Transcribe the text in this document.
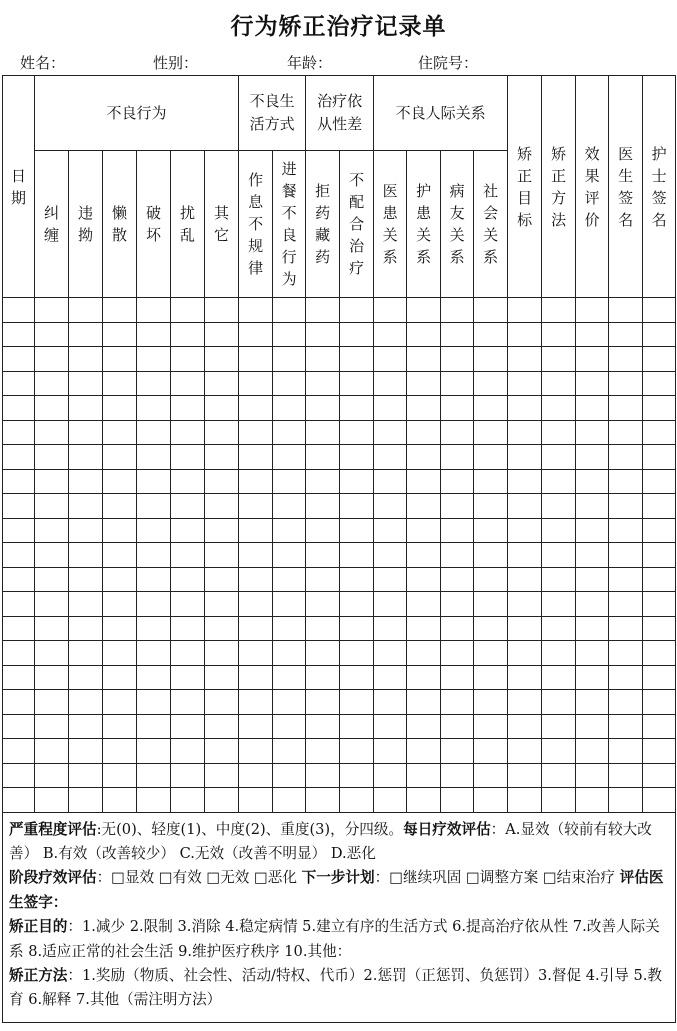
行为矫正治疗记录单
姓名：	性别：	年龄：	住院号：
日期	不良行为						不良生活方式		治疗依从性差		不良人际关系				矫正目标	矫正方法	效果评价	医生签名	护士签名
	纠缠	违拗	懒散	破坏	扰乱	其它	作息不规律	进餐不良行为	拒药藏药	不配合治疗	医患关系	护患关系	病友关系	社会关系					

严重程度评估:无(0)、轻度(1)、中度(2)、重度(3)，分四级。每日疗效评估：A.显效（较前有较大改善） B.有效（改善较少） C.无效（改善不明显） D.恶化

阶段疗效评估：□显效 □有效 □无效 □恶化 下一步计划：□继续巩固 □调整方案 □结束治疗 评估医生签字：

矫正目的：1.减少 2.限制 3.消除 4.稳定病情 5.建立有序的生活方式 6.提高治疗依从性 7.改善人际关系 8.适应正常的社会生活 9.维护医疗秩序 10.其他：

矫正方法：1.奖励（物质、社会性、活动/特权、代币）2.惩罚（正惩罚、负惩罚）3.督促 4.引导 5.教育 6.解释 7.其他（需注明方法）																			
